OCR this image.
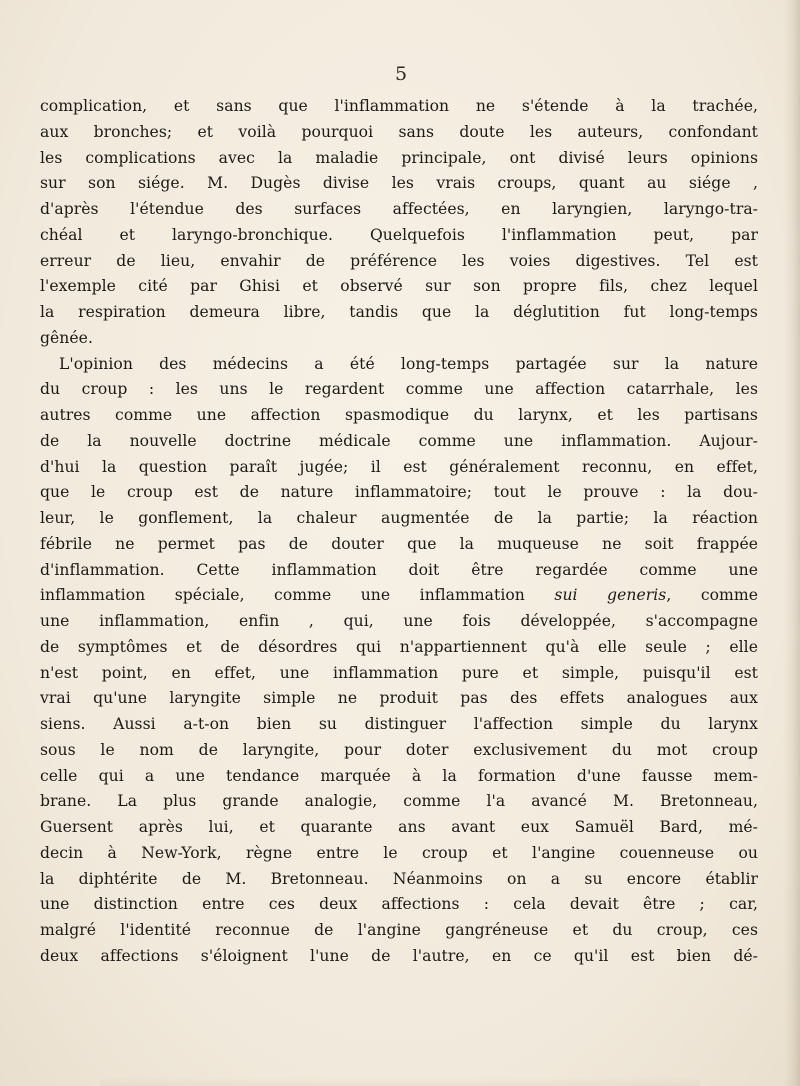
5
complication, et sans que l'inflammation ne s'étende à la trachée,
aux bronches; et voilà pourquoi sans doute les auteurs, confondant
les complications avec la maladie principale, ont divisé leurs opinions
sur son siége. M. Dugès divise les vrais croups, quant au siége ,
d'après l'étendue des surfaces affectées, en laryngien, laryngo-tra-
chéal et laryngo-bronchique. Quelquefois l'inflammation peut, par
erreur de lieu, envahir de préférence les voies digestives. Tel est
l'exemple cité par Ghisi et observé sur son propre fils, chez lequel
la respiration demeura libre, tandis que la déglutition fut long-temps
gênée.
L'opinion des médecins a été long-temps partagée sur la nature
du croup : les uns le regardent comme une affection catarrhale, les
autres comme une affection spasmodique du larynx, et les partisans
de la nouvelle doctrine médicale comme une inflammation. Aujour-
d'hui la question paraît jugée; il est généralement reconnu, en effet,
que le croup est de nature inflammatoire; tout le prouve : la dou-
leur, le gonflement, la chaleur augmentée de la partie; la réaction
fébrile ne permet pas de douter que la muqueuse ne soit frappée
d'inflammation. Cette inflammation doit être regardée comme une
inflammation spéciale, comme une inflammation sui generis, comme
une inflammation, enfin , qui, une fois développée, s'accompagne
de symptômes et de désordres qui n'appartiennent qu'à elle seule ; elle
n'est point, en effet, une inflammation pure et simple, puisqu'il est
vrai qu'une laryngite simple ne produit pas des effets analogues aux
siens. Aussi a-t-on bien su distinguer l'affection simple du larynx
sous le nom de laryngite, pour doter exclusivement du mot croup
celle qui a une tendance marquée à la formation d'une fausse mem-
brane. La plus grande analogie, comme l'a avancé M. Bretonneau,
Guersent après lui, et quarante ans avant eux Samuël Bard, mé-
decin à New-York, règne entre le croup et l'angine couenneuse ou
la diphtérite de M. Bretonneau. Néanmoins on a su encore établir
une distinction entre ces deux affections : cela devait être ; car,
malgré l'identité reconnue de l'angine gangréneuse et du croup, ces
deux affections s'éloignent l'une de l'autre, en ce qu'il est bien dé-
